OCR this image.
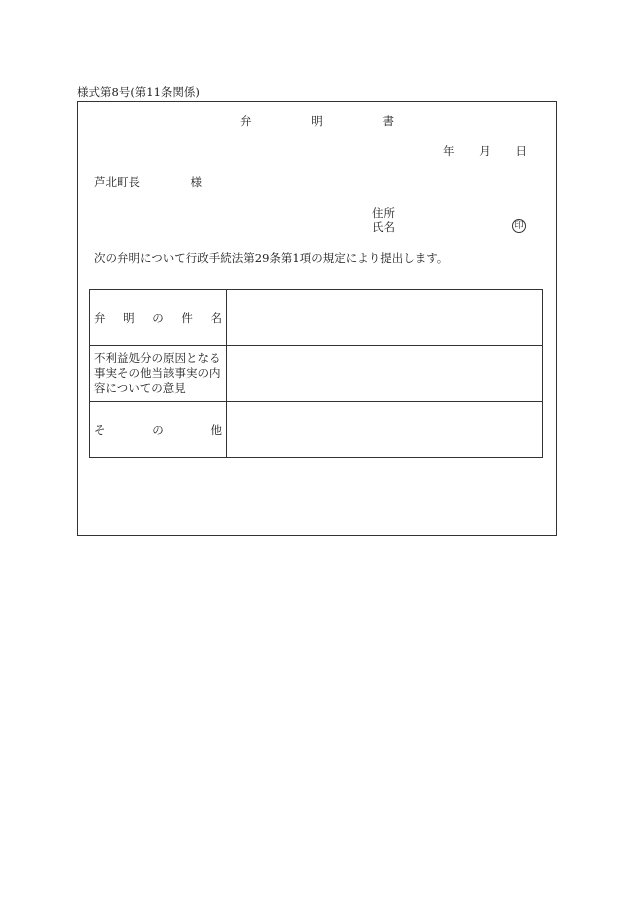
様式第8号(第11条関係)
弁	明	書
年 月 日
芦北町長	様
住所
氏名	印
次の弁明について行政手続法第29条第1項の規定により提出します。
弁 明 の 件 名	

不利益処分の原因となる事実その他当該事実の内容についての意見	

そ の 他	
